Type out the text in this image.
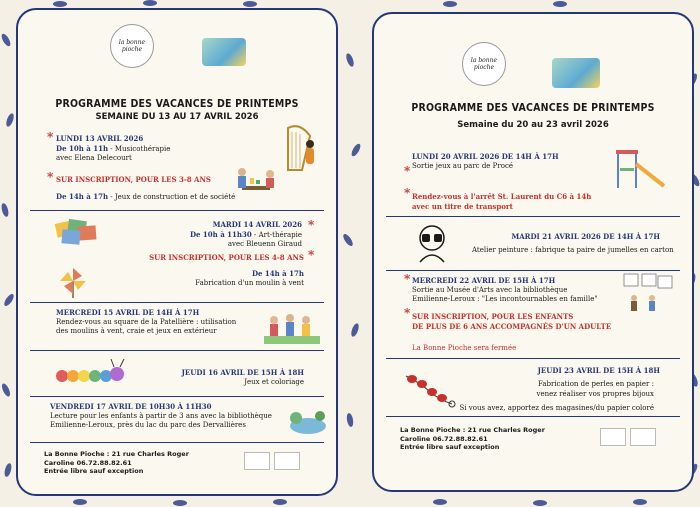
la bonne pioche
PROGRAMME DES VACANCES DE PRINTEMPS
SEMAINE DU 13 AU 17 AVRIL 2026
* LUNDI 13 AVRIL 2026
De 10h à 11h - Musicothérapie
avec Elena Delecourt
* SUR INSCRIPTION, POUR LES 3-8 ANS
De 14h à 17h - Jeux de construction et de société
MARDI 14 AVRIL 2026
De 10h à 11h30 - Art-thérapie
avec Bleuenn Giraud
*
SUR INSCRIPTION, POUR LES 4-8 ANS *
De 14h à 17h
Fabrication d'un moulin à vent
MERCREDI 15 AVRIL DE 14H À 17H
Rendez-vous au square de la Patellière : utilisation
des moulins à vent, craie et jeux en extérieur
JEUDI 16 AVRIL DE 15H À 18H
Jeux et coloriage
VENDREDI 17 AVRIL DE 10H30 À 11H30
Lecture pour les enfants à partir de 3 ans avec la bibliothèque
Emilienne-Leroux, près du lac du parc des Dervallières
La Bonne Pioche : 21 rue Charles Roger
Caroline 06.72.88.82.61
Entrée libre sauf exception
la bonne pioche
PROGRAMME DES VACANCES DE PRINTEMPS
Semaine du 20 au 23 avril 2026
*
LUNDI 20 AVRIL 2026 DE 14H À 17H
Sortie jeux au parc de Procé
* Rendez-vous à l'arrêt St. Laurent du C6 à 14h
avec un titre de transport
MARDI 21 AVRIL 2026 DE 14H À 17H
Atelier peinture : fabrique ta paire de jumelles en carton
* MERCREDI 22 AVRIL DE 15H À 17H
Sortie au Musée d'Arts avec la bibliothèque
Emilienne-Leroux : "Les incontournables en famille"
* SUR INSCRIPTION, POUR LES ENFANTS
DE PLUS DE 6 ANS ACCOMPAGNÉS D'UN ADULTE
La Bonne Pioche sera fermée
JEUDI 23 AVRIL DE 15H À 18H
Fabrication de perles en papier :
venez réaliser vos propres bijoux
Si vous avez, apportez des magasines/du papier coloré
La Bonne Pioche : 21 rue Charles Roger
Caroline 06.72.88.82.61
Entrée libre sauf exception
